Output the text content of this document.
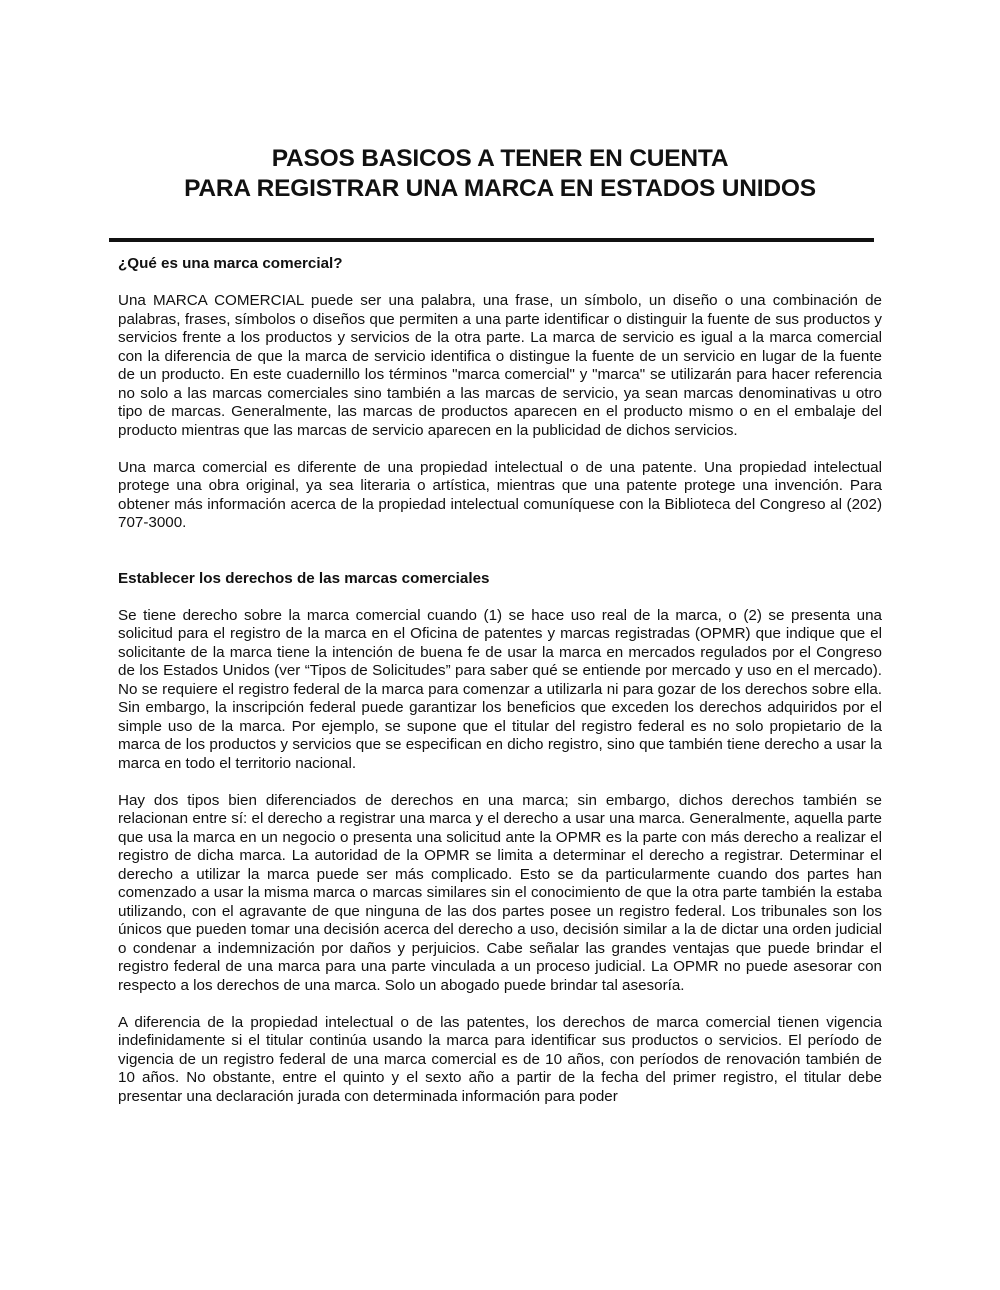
PASOS BASICOS A TENER EN CUENTA
PARA REGISTRAR UNA MARCA EN ESTADOS UNIDOS
¿Qué es una marca comercial?

Una MARCA COMERCIAL puede ser una palabra, una frase, un símbolo, un diseño o una combinación de palabras, frases, símbolos o diseños que permiten a una parte identificar o distinguir la fuente de sus productos y servicios frente a los productos y servicios de la otra parte. La marca de servicio es igual a la marca comercial con la diferencia de que la marca de servicio identifica o distingue la fuente de un servicio en lugar de la fuente de un producto. En este cuadernillo los términos "marca comercial" y "marca" se utilizarán para hacer referencia no solo a las marcas comerciales sino también a las marcas de servicio, ya sean marcas denominativas u otro tipo de marcas. Generalmente, las marcas de productos aparecen en el producto mismo o en el embalaje del producto mientras que las marcas de servicio aparecen en la publicidad de dichos servicios.

Una marca comercial es diferente de una propiedad intelectual o de una patente. Una propiedad intelectual protege una obra original, ya sea literaria o artística, mientras que una patente protege una invención. Para obtener más información acerca de la propiedad intelectual comuníquese con la Biblioteca del Congreso al (202) 707-3000.

Establecer los derechos de las marcas comerciales

Se tiene derecho sobre la marca comercial cuando (1) se hace uso real de la marca, o (2) se presenta una solicitud para el registro de la marca en el Oficina de patentes y marcas registradas (OPMR) que indique que el solicitante de la marca tiene la intención de buena fe de usar la marca en mercados regulados por el Congreso de los Estados Unidos (ver “Tipos de Solicitudes” para saber qué se entiende por mercado y uso en el mercado). No se requiere el registro federal de la marca para comenzar a utilizarla ni para gozar de los derechos sobre ella. Sin embargo, la inscripción federal puede garantizar los beneficios que exceden los derechos adquiridos por el simple uso de la marca. Por ejemplo, se supone que el titular del registro federal es no solo propietario de la marca de los productos y servicios que se especifican en dicho registro, sino que también tiene derecho a usar la marca en todo el territorio nacional.

Hay dos tipos bien diferenciados de derechos en una marca; sin embargo, dichos derechos también se relacionan entre sí: el derecho a registrar una marca y el derecho a usar una marca. Generalmente, aquella parte que usa la marca en un negocio o presenta una solicitud ante la OPMR es la parte con más derecho a realizar el registro de dicha marca. La autoridad de la OPMR se limita a determinar el derecho a registrar. Determinar el derecho a utilizar la marca puede ser más complicado. Esto se da particularmente cuando dos partes han comenzado a usar la misma marca o marcas similares sin el conocimiento de que la otra parte también la estaba utilizando, con el agravante de que ninguna de las dos partes posee un registro federal. Los tribunales son los únicos que pueden tomar una decisión acerca del derecho a uso, decisión similar a la de dictar una orden judicial o condenar a indemnización por daños y perjuicios. Cabe señalar las grandes ventajas que puede brindar el registro federal de una marca para una parte vinculada a un proceso judicial. La OPMR no puede asesorar con respecto a los derechos de una marca. Solo un abogado puede brindar tal asesoría.

A diferencia de la propiedad intelectual o de las patentes, los derechos de marca comercial tienen vigencia indefinidamente si el titular continúa usando la marca para identificar sus productos o servicios. El período de vigencia de un registro federal de una marca comercial es de 10 años, con períodos de renovación también de 10 años. No obstante, entre el quinto y el sexto año a partir de la fecha del primer registro, el titular debe presentar una declaración jurada con determinada información para poder
